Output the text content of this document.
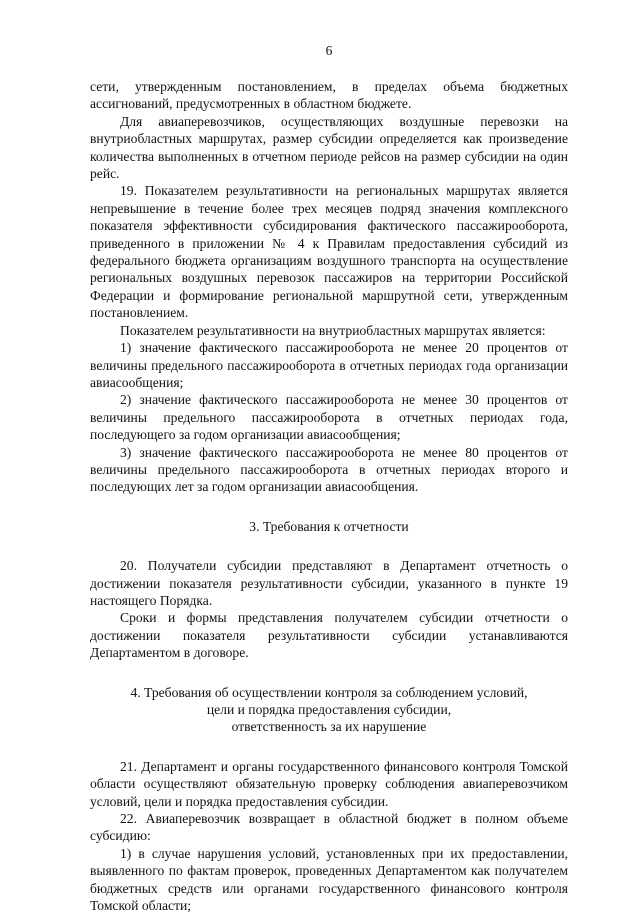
6

сети, утвержденным постановлением, в пределах объема бюджетных ассигнований, предусмотренных в областном бюджете.

Для авиаперевозчиков, осуществляющих воздушные перевозки на внутриобластных маршрутах, размер субсидии определяется как произведение количества выполненных в отчетном периоде рейсов на размер субсидии на один рейс.

19. Показателем результативности на региональных маршрутах является непревышение в течение более трех месяцев подряд значения комплексного показателя эффективности субсидирования фактического пассажирооборота, приведенного в приложении № 4 к Правилам предоставления субсидий из федерального бюджета организациям воздушного транспорта на осуществление региональных воздушных перевозок пассажиров на территории Российской Федерации и формирование региональной маршрутной сети, утвержденным постановлением.

Показателем результативности на внутриобластных маршрутах является:

1) значение фактического пассажирооборота не менее 20 процентов от величины предельного пассажирооборота в отчетных периодах года организации авиасообщения;

2) значение фактического пассажирооборота не менее 30 процентов от величины предельного пассажирооборота в отчетных периодах года, последующего за годом организации авиасообщения;

3) значение фактического пассажирооборота не менее 80 процентов от величины предельного пассажирооборота в отчетных периодах второго и последующих лет за годом организации авиасообщения.

3. Требования к отчетности

20. Получатели субсидии представляют в Департамент отчетность о достижении показателя результативности субсидии, указанного в пункте 19 настоящего Порядка.

Сроки и формы представления получателем субсидии отчетности о достижении показателя результативности субсидии устанавливаются Департаментом в договоре.

4. Требования об осуществлении контроля за соблюдением условий,

цели и порядка предоставления субсидии,

ответственность за их нарушение

21. Департамент и органы государственного финансового контроля Томской области осуществляют обязательную проверку соблюдения авиаперевозчиком условий, цели и порядка предоставления субсидии.

22. Авиаперевозчик возвращает в областной бюджет в полном объеме субсидию:

1) в случае нарушения условий, установленных при их предоставлении, выявленного по фактам проверок, проведенных Департаментом как получателем бюджетных средств или органами государственного финансового контроля Томской области;
